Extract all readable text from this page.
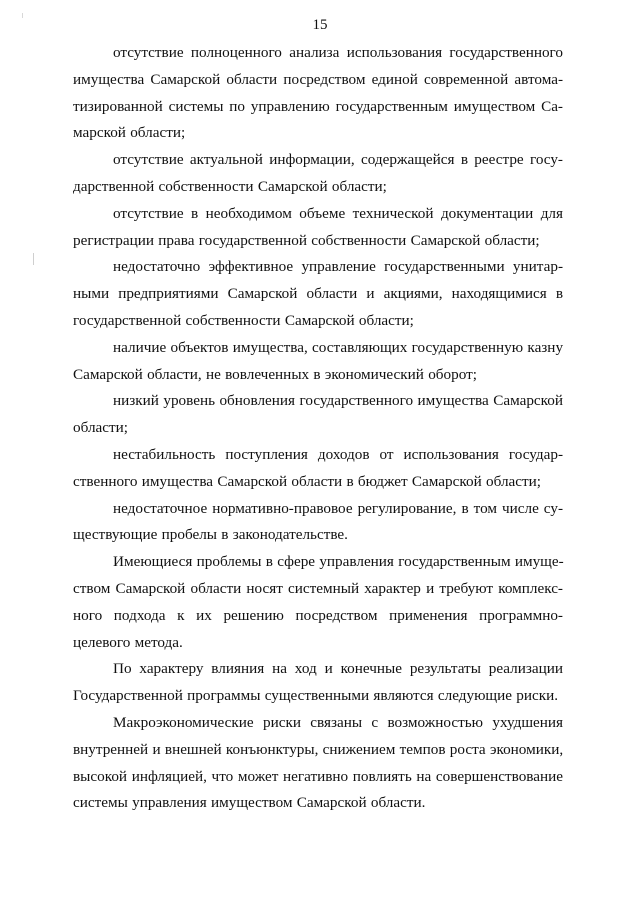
15

отсутствие полноценного анализа использования государственного
имущества Самарской области посредством единой современной автома-
тизированной системы по управлению государственным имуществом Са-
марской области;

отсутствие актуальной информации, содержащейся в реестре госу-
дарственной собственности Самарской области;

отсутствие в необходимом объеме технической документации для
регистрации права государственной собственности Самарской области;

недостаточно эффективное управление государственными унитар-
ными предприятиями Самарской области и акциями, находящимися в
государственной собственности Самарской области;

наличие объектов имущества, составляющих государственную казну
Самарской области, не вовлеченных в экономический оборот;

низкий уровень обновления государственного имущества Самарской
области;

нестабильность поступления доходов от использования государ-
ственного имущества Самарской области в бюджет Самарской области;

недостаточное нормативно-правовое регулирование, в том числе су-
ществующие пробелы в законодательстве.

Имеющиеся проблемы в сфере управления государственным имуще-
ством Самарской области носят системный характер и требуют комплекс-
ного подхода к их решению посредством применения программно-
целевого метода.

По характеру влияния на ход и конечные результаты реализации
Государственной программы существенными являются следующие риски.

Макроэкономические риски связаны с возможностью ухудшения
внутренней и внешней конъюнктуры, снижением темпов роста экономики,
высокой инфляцией, что может негативно повлиять на совершенствование
системы управления имуществом Самарской области.
